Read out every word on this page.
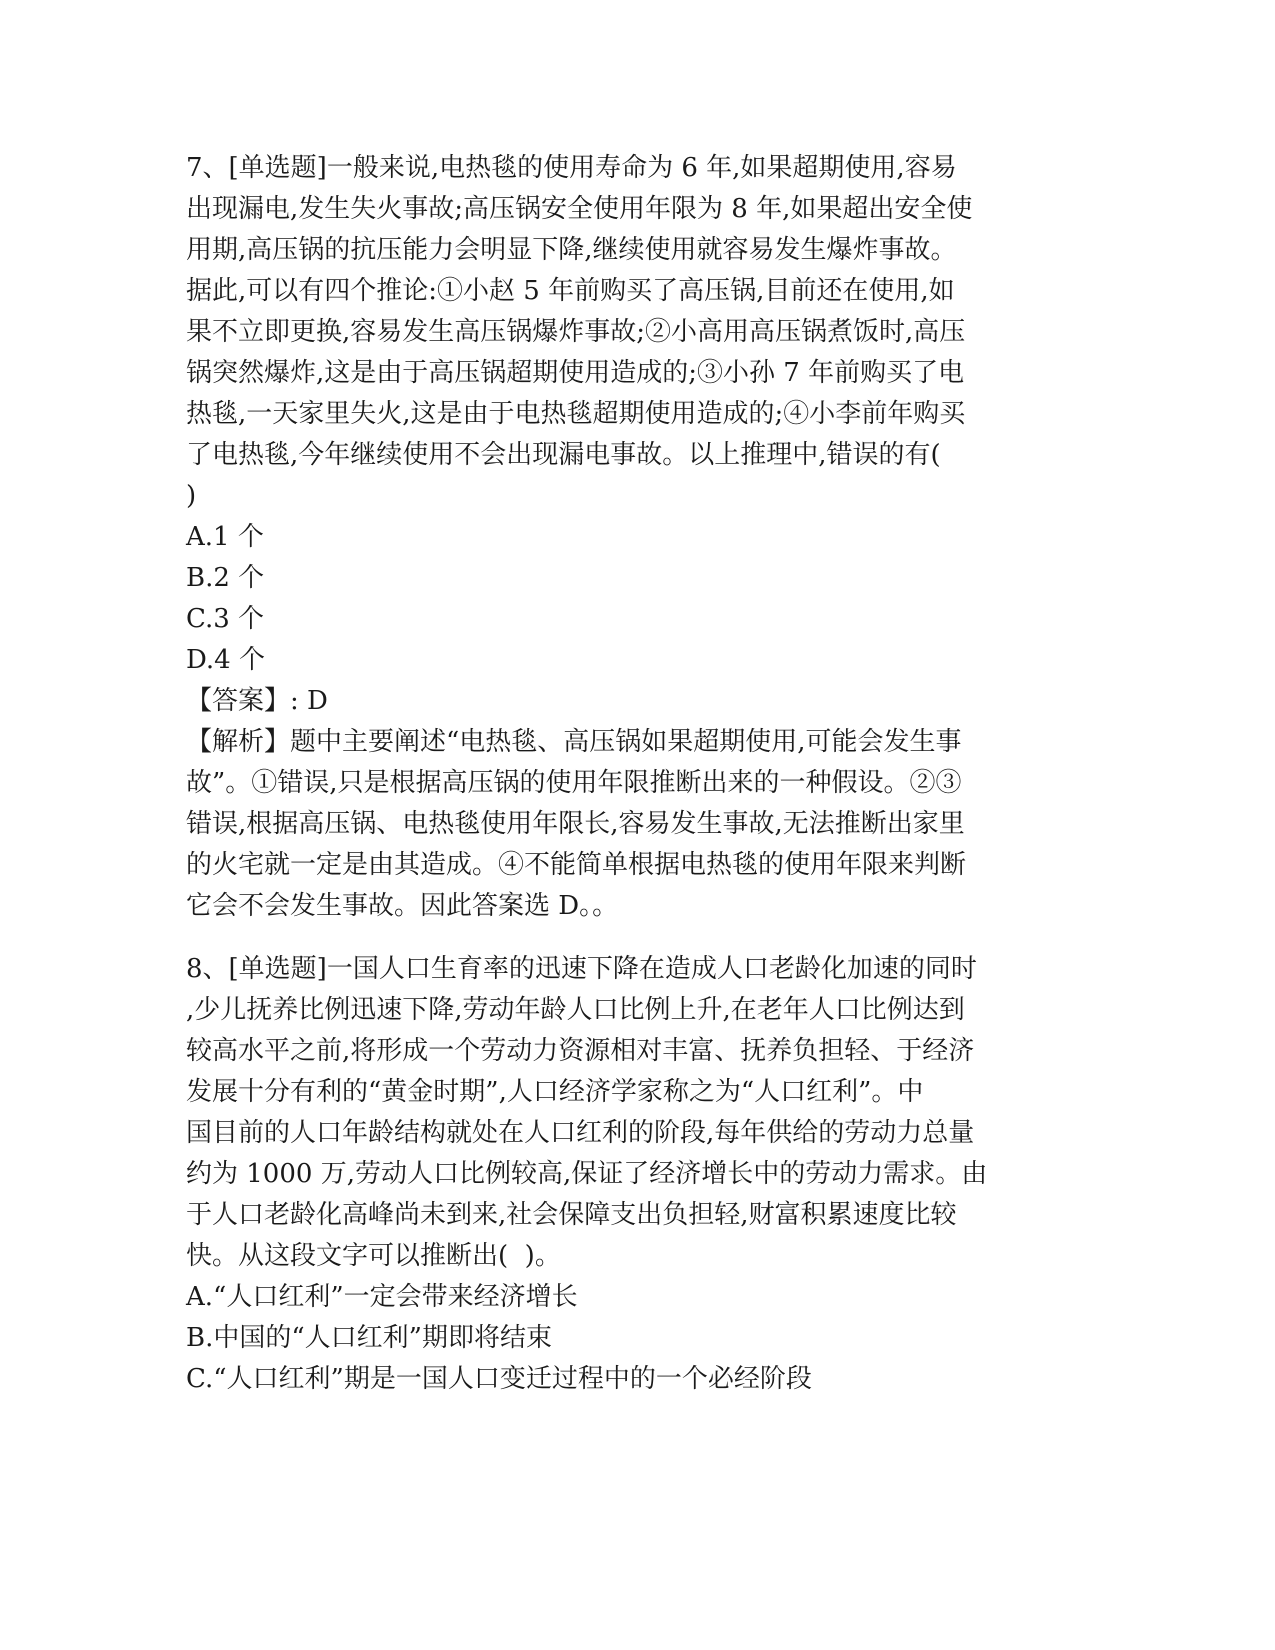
7、[单选题]一般来说,电热毯的使用寿命为 6 年,如果超期使用,容易
出现漏电,发生失火事故;高压锅安全使用年限为 8 年,如果超出安全使
用期,高压锅的抗压能力会明显下降,继续使用就容易发生爆炸事故。
据此,可以有四个推论:①小赵 5 年前购买了高压锅,目前还在使用,如
果不立即更换,容易发生高压锅爆炸事故;②小高用高压锅煮饭时,高压
锅突然爆炸,这是由于高压锅超期使用造成的;③小孙 7 年前购买了电
热毯,一天家里失火,这是由于电热毯超期使用造成的;④小李前年购买
了电热毯,今年继续使用不会出现漏电事故。以上推理中,错误的有(
)
A.1 个
B.2 个
C.3 个
D.4 个
【答案】: D
【解析】题中主要阐述“电热毯、高压锅如果超期使用,可能会发生事
故”。①错误,只是根据高压锅的使用年限推断出来的一种假设。②③
错误,根据高压锅、电热毯使用年限长,容易发生事故,无法推断出家里
的火宅就一定是由其造成。④不能简单根据电热毯的使用年限来判断
它会不会发生事故。因此答案选 D。。
8、[单选题]一国人口生育率的迅速下降在造成人口老龄化加速的同时
,少儿抚养比例迅速下降,劳动年龄人口比例上升,在老年人口比例达到
较高水平之前,将形成一个劳动力资源相对丰富、抚养负担轻、于经济
发展十分有利的“黄金时期”,人口经济学家称之为“人口红利”。中
国目前的人口年龄结构就处在人口红利的阶段,每年供给的劳动力总量
约为 1000 万,劳动人口比例较高,保证了经济增长中的劳动力需求。由
于人口老龄化高峰尚未到来,社会保障支出负担轻,财富积累速度比较
快。从这段文字可以推断出(  )。
A.“人口红利”一定会带来经济增长
B.中国的“人口红利”期即将结束
C.“人口红利”期是一国人口变迁过程中的一个必经阶段
